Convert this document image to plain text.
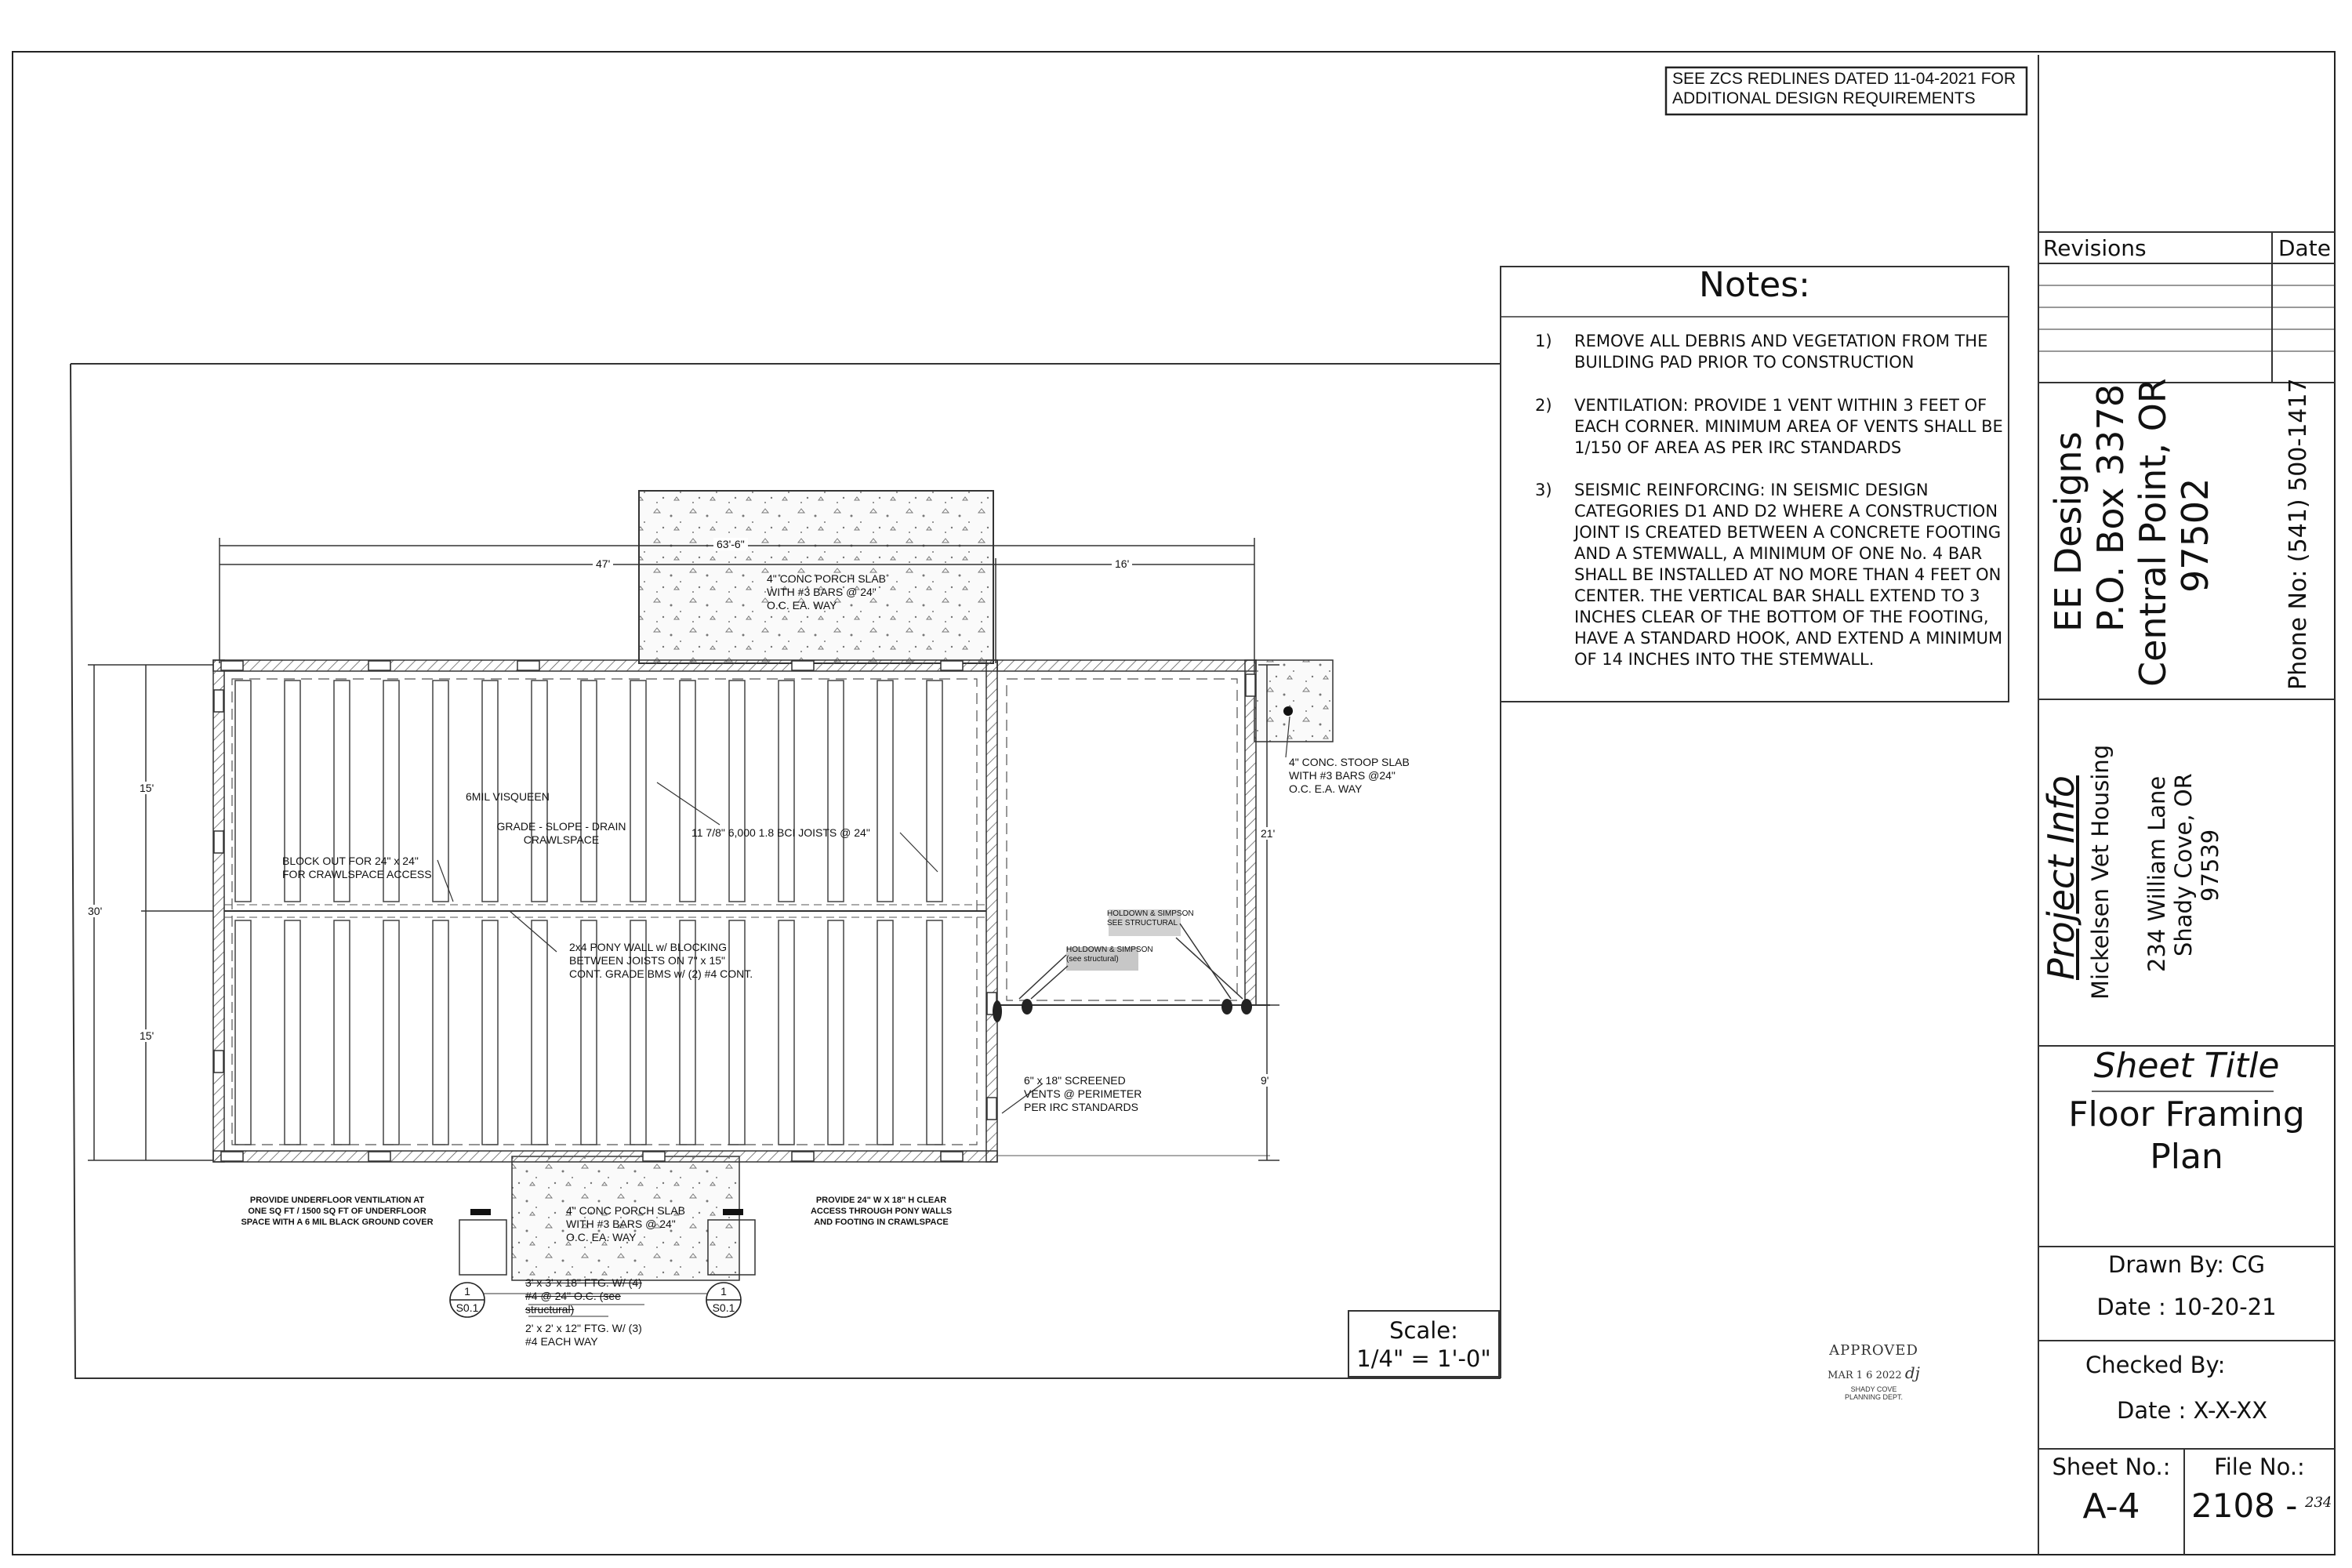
SEE ZCS REDLINES DATED 11-04-2021 FOR
ADDITIONAL DESIGN REQUIREMENTS
Revisions	Date
EE Designs P.O. Box 3378 Central Point, OR 97502	Phone No: (541) 500-1417
Project Info Mickelsen Vet Housing 234 William Lane Shady Cove, OR 97539
Sheet Title
Floor Framing
Plan
Drawn By: CG
Date : 10-20-21
Checked By:
Date : X-X-XX
Sheet No.:
A-4
File No.:
2108 - 234
Notes:
1) REMOVE ALL DEBRIS AND VEGETATION FROM THE BUILDING PAD PRIOR TO CONSTRUCTION
2) VENTILATION: PROVIDE 1 VENT WITHIN 3 FEET OF EACH CORNER. MINIMUM AREA OF VENTS SHALL BE 1/150 OF AREA AS PER IRC STANDARDS
3) SEISMIC REINFORCING: IN SEISMIC DESIGN CATEGORIES D1 AND D2 WHERE A CONSTRUCTION JOINT IS CREATED BETWEEN A CONCRETE FOOTING AND A STEMWALL, A MINIMUM OF ONE No. 4 BAR SHALL BE INSTALLED AT NO MORE THAN 4 FEET ON CENTER. THE VERTICAL BAR SHALL EXTEND TO 3 INCHES CLEAR OF THE BOTTOM OF THE FOOTING, HAVE A STANDARD HOOK, AND EXTEND A MINIMUM OF 14 INCHES INTO THE STEMWALL.
Scale:
1/4" = 1'-0"	APPROVED
MAR 1 6 2022 dj
SHADY COVE
PLANNING DEPT.
63'-6"
47'	16'
30'
15'
15'
21'
9'
4" CONC PORCH SLAB
WITH #3 BARS @ 24"
O.C. EA. WAY
4" CONC. STOOP SLAB
WITH #3 BARS @24"
O.C. E.A. WAY
6MIL VISQUEEN
GRADE - SLOPE - DRAIN
CRAWLSPACE
11 7/8" 6,000 1.8 BCI JOISTS @ 24"
BLOCK OUT FOR 24" x 24"
FOR CRAWLSPACE ACCESS
2x4 PONY WALL w/ BLOCKING
BETWEEN JOISTS ON 7" x 15"
CONT. GRADE BMS w/ (2) #4 CONT.
6" x 18" SCREENED
VENTS @ PERIMETER
PER IRC STANDARDS
HOLDOWN & SIMPSON
SEE STRUCTURAL
HOLDOWN & SIMPSON
(see structural)
PROVIDE UNDERFLOOR VENTILATION AT
ONE SQ FT / 1500 SQ FT OF UNDERFLOOR
SPACE WITH A 6 MIL BLACK GROUND COVER
4" CONC PORCH SLAB
WITH #3 BARS @ 24"
O.C. EA. WAY
PROVIDE 24" W X 18" H CLEAR
ACCESS THROUGH PONY WALLS
AND FOOTING IN CRAWLSPACE
3' x 3' x 18" FTG. W/ (4)
#4 @ 24" O.C. (see
structural)
2' x 2' x 12" FTG. W/ (3)
#4 EACH WAY
1
S0.1
1
S0.1
